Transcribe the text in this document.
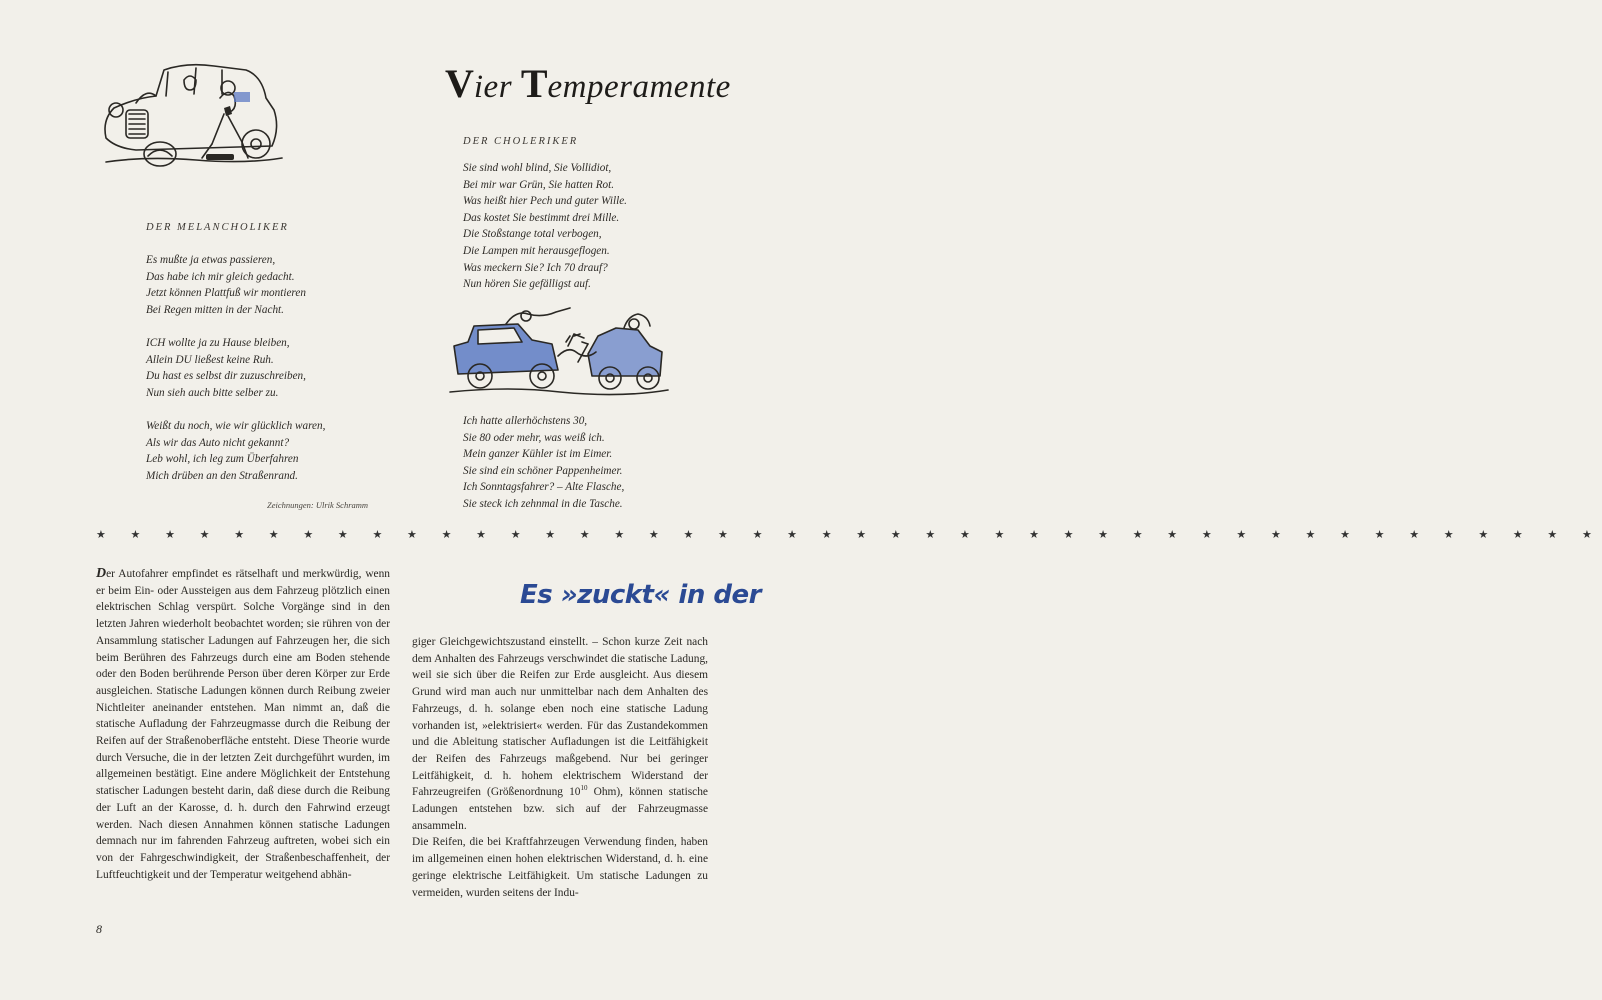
Vier Temperamente
DER MELANCHOLIKER
Es mußte ja etwas passieren,
Das habe ich mir gleich gedacht.
Jetzt können Plattfuß wir montieren
Bei Regen mitten in der Nacht.
ICH wollte ja zu Hause bleiben,
Allein DU ließest keine Ruh.
Du hast es selbst dir zuzuschreiben,
Nun sieh auch bitte selber zu.
Weißt du noch, wie wir glücklich waren,
Als wir das Auto nicht gekannt?
Leb wohl, ich leg zum Überfahren
Mich drüben an den Straßenrand.
Zeichnungen: Ulrik Schramm
DER CHOLERIKER
Sie sind wohl blind, Sie Vollidiot,
Bei mir war Grün, Sie hatten Rot.
Was heißt hier Pech und guter Wille.
Das kostet Sie bestimmt drei Mille.
Die Stoßstange total verbogen,
Die Lampen mit herausgeflogen.
Was meckern Sie? Ich 70 drauf?
Nun hören Sie gefälligst auf.
Ich hatte allerhöchstens 30,
Sie 80 oder mehr, was weiß ich.
Mein ganzer Kühler ist im Eimer.
Sie sind ein schöner Pappenheimer.
Ich Sonntagsfahrer? – Alte Flasche,
Sie steck ich zehnmal in die Tasche.
★ ★ ★ ★ ★ ★ ★ ★ ★ ★ ★ ★ ★ ★ ★ ★ ★ ★ ★ ★ ★ ★ ★ ★ ★ ★ ★ ★ ★ ★ ★ ★ ★ ★ ★ ★ ★ ★ ★ ★ ★ ★ ★ ★
Es »zuckt« in der

Der Autofahrer empfindet es rätselhaft und merkwürdig, wenn er beim Ein- oder Aussteigen aus dem Fahrzeug plötzlich einen elektrischen Schlag verspürt. Solche Vorgänge sind in den letzten Jahren wiederholt beobachtet worden; sie rühren von der Ansammlung statischer Ladungen auf Fahrzeugen her, die sich beim Berühren des Fahrzeugs durch eine am Boden stehende oder den Boden berührende Person über deren Körper zur Erde ausgleichen. Statische Ladungen können durch Reibung zweier Nichtleiter aneinander entstehen. Man nimmt an, daß die statische Aufladung der Fahrzeugmasse durch die Reibung der Reifen auf der Straßenoberfläche entsteht. Diese Theorie wurde durch Versuche, die in der letzten Zeit durchgeführt wurden, im allgemeinen bestätigt. Eine andere Möglichkeit der Entstehung statischer Ladungen besteht darin, daß diese durch die Reibung der Luft an der Karosse, d. h. durch den Fahrwind erzeugt werden. Nach diesen Annahmen können statische Ladungen demnach nur im fahrenden Fahrzeug auftreten, wobei sich ein von der Fahrgeschwindigkeit, der Straßenbeschaffenheit, der Luftfeuchtigkeit und der Temperatur weitgehend abhän-

giger Gleichgewichtszustand einstellt. – Schon kurze Zeit nach dem Anhalten des Fahrzeugs verschwindet die statische Ladung, weil sie sich über die Reifen zur Erde ausgleicht. Aus diesem Grund wird man auch nur unmittelbar nach dem Anhalten des Fahrzeugs, d. h. solange eben noch eine statische Ladung vorhanden ist, »elektrisiert« werden. Für das Zustandekommen und die Ableitung statischer Aufladungen ist die Leitfähigkeit der Reifen des Fahrzeugs maßgebend. Nur bei geringer Leitfähigkeit, d. h. hohem elektrischem Widerstand der Fahrzeugreifen (Größenordnung $10^{10}$ Ohm), können statische Ladungen entstehen bzw. sich auf der Fahrzeugmasse ansammeln.

Die Reifen, die bei Kraftfahrzeugen Verwendung finden, haben im allgemeinen einen hohen elektrischen Widerstand, d. h. eine geringe elektrische Leitfähigkeit. Um statische Ladungen zu vermeiden, wurden seitens der Indu-

8
